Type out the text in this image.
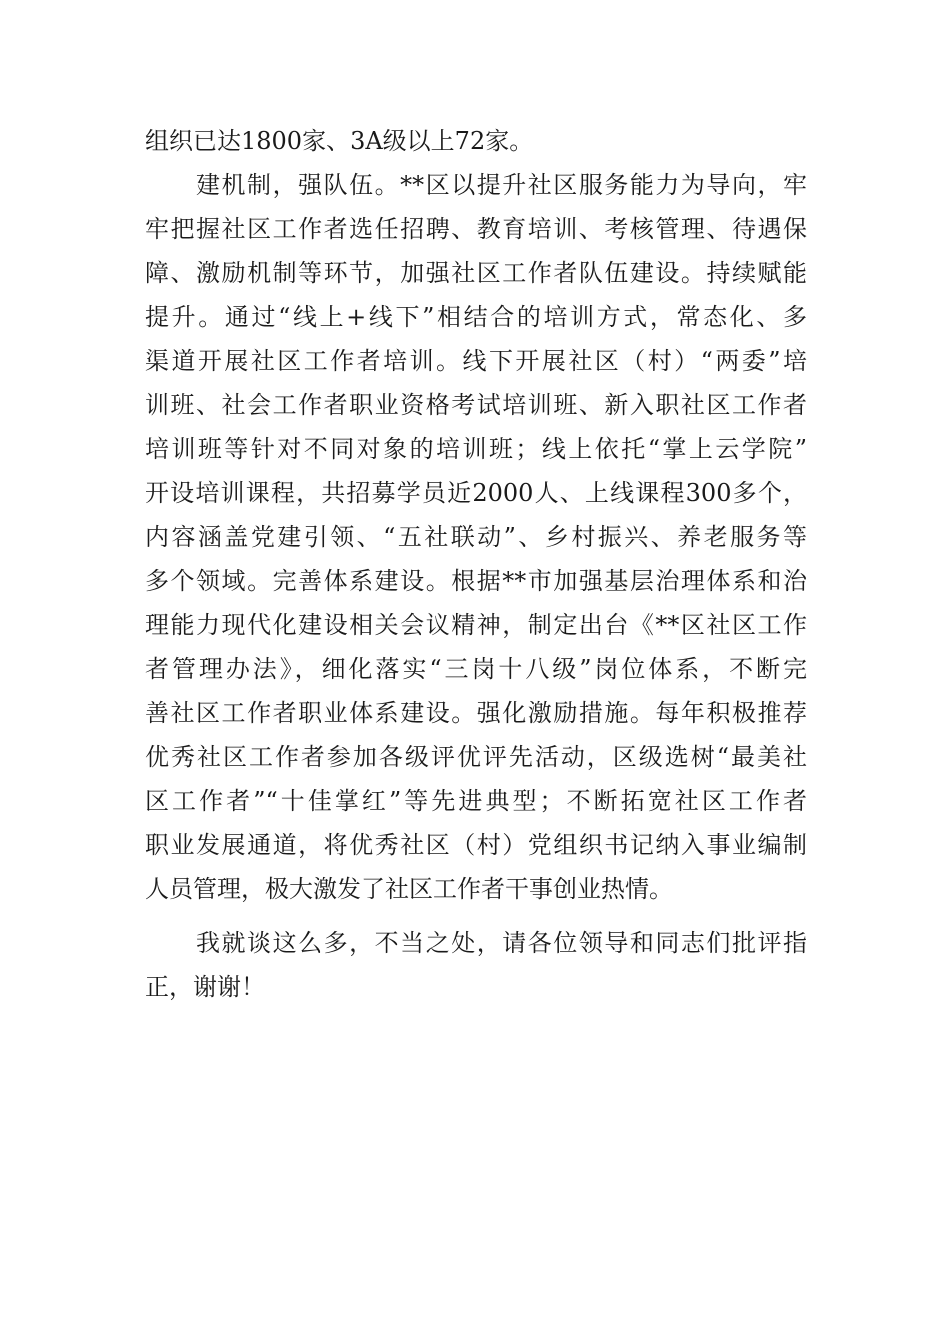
组织已达1800家、3A级以上72家。
建机制，强队伍。**区以提升社区服务能力为导向，牢
牢把握社区工作者选任招聘、教育培训、考核管理、待遇保
障、激励机制等环节，加强社区工作者队伍建设。持续赋能
提升。通过“线上+线下”相结合的培训方式，常态化、多
渠道开展社区工作者培训。线下开展社区（村）“两委”培
训班、社会工作者职业资格考试培训班、新入职社区工作者
培训班等针对不同对象的培训班；线上依托“掌上云学院”
开设培训课程，共招募学员近2000人、上线课程300多个，
内容涵盖党建引领、“五社联动”、乡村振兴、养老服务等
多个领域。完善体系建设。根据**市加强基层治理体系和治
理能力现代化建设相关会议精神，制定出台《**区社区工作
者管理办法》，细化落实“三岗十八级”岗位体系，不断完
善社区工作者职业体系建设。强化激励措施。每年积极推荐
优秀社区工作者参加各级评优评先活动，区级选树“最美社
区工作者”“十佳掌红”等先进典型；不断拓宽社区工作者
职业发展通道，将优秀社区（村）党组织书记纳入事业编制
人员管理，极大激发了社区工作者干事创业热情。
我就谈这么多，不当之处，请各位领导和同志们批评指
正，谢谢！
